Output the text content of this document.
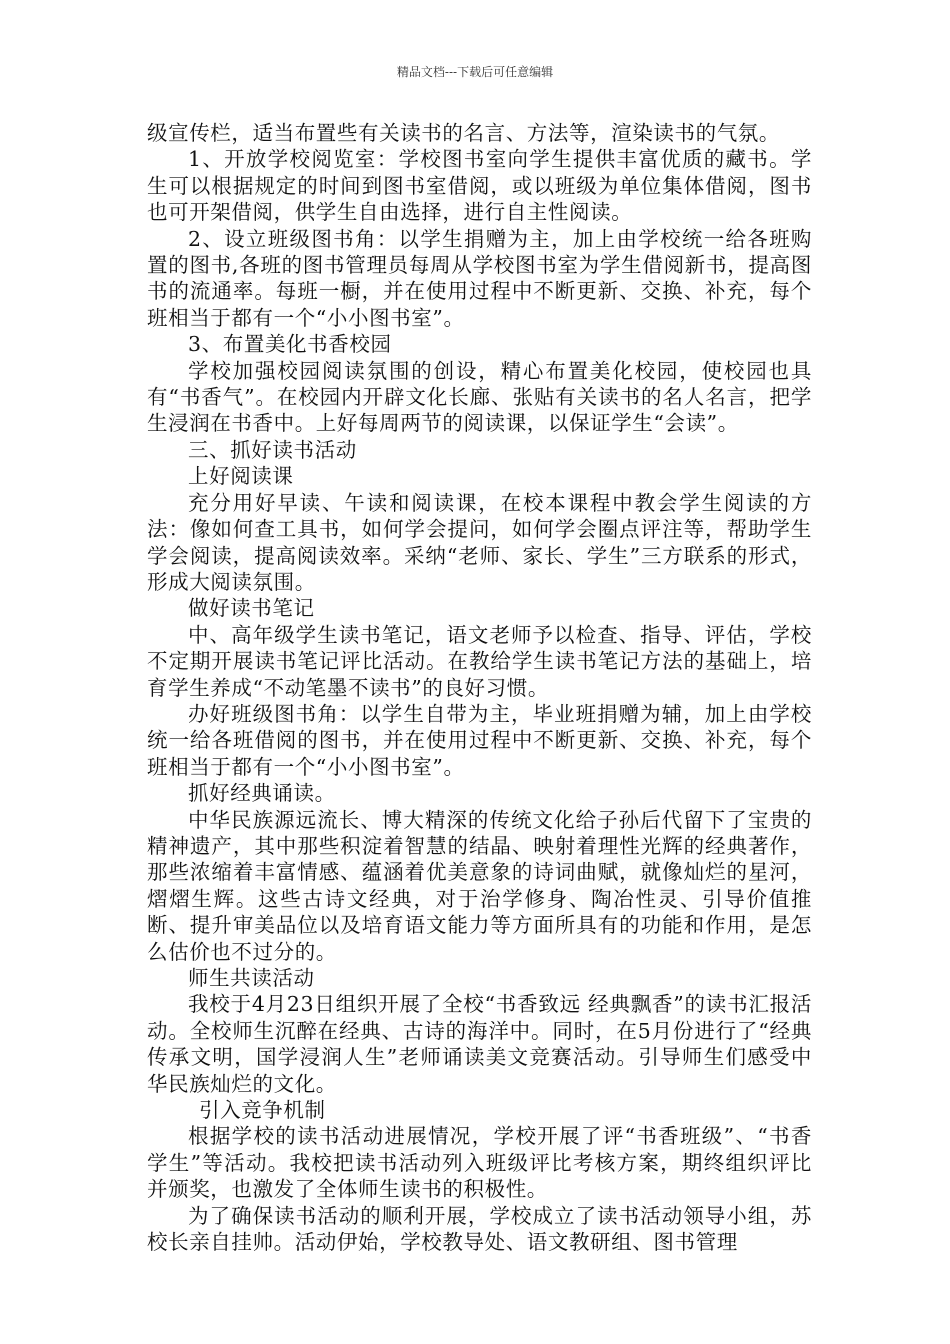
精品文档---下载后可任意编辑

级宣传栏，适当布置些有关读书的名言、方法等，渲染读书的气氛。

1、开放学校阅览室：学校图书室向学生提供丰富优质的藏书。学生可以根据规定的时间到图书室借阅，或以班级为单位集体借阅，图书也可开架借阅，供学生自由选择，进行自主性阅读。

2、设立班级图书角：以学生捐赠为主，加上由学校统一给各班购置的图书,各班的图书管理员每周从学校图书室为学生借阅新书，提高图书的流通率。每班一橱，并在使用过程中不断更新、交换、补充，每个班相当于都有一个“小小图书室”。

3、布置美化书香校园

学校加强校园阅读氛围的创设，精心布置美化校园，使校园也具有“书香气”。在校园内开辟文化长廊、张贴有关读书的名人名言，把学生浸润在书香中。上好每周两节的阅读课，以保证学生“会读”。

三、抓好读书活动

上好阅读课

充分用好早读、午读和阅读课，在校本课程中教会学生阅读的方法：像如何查工具书，如何学会提问，如何学会圈点评注等，帮助学生学会阅读，提高阅读效率。采纳“老师、家长、学生”三方联系的形式，形成大阅读氛围。

做好读书笔记

中、高年级学生读书笔记，语文老师予以检查、指导、评估，学校不定期开展读书笔记评比活动。在教给学生读书笔记方法的基础上，培育学生养成“不动笔墨不读书”的良好习惯。

办好班级图书角：以学生自带为主，毕业班捐赠为辅，加上由学校统一给各班借阅的图书，并在使用过程中不断更新、交换、补充，每个班相当于都有一个“小小图书室”。

抓好经典诵读。

中华民族源远流长、博大精深的传统文化给子孙后代留下了宝贵的精神遗产，其中那些积淀着智慧的结晶、映射着理性光辉的经典著作，那些浓缩着丰富情感、蕴涵着优美意象的诗词曲赋，就像灿烂的星河，熠熠生辉。这些古诗文经典，对于治学修身、陶冶性灵、引导价值推断、提升审美品位以及培育语文能力等方面所具有的功能和作用，是怎么估价也不过分的。

师生共读活动

我校于4月23日组织开展了全校“书香致远 经典飘香”的读书汇报活动。全校师生沉醉在经典、古诗的海洋中。同时，在5月份进行了“经典传承文明，国学浸润人生”老师诵读美文竞赛活动。引导师生们感受中华民族灿烂的文化。

引入竞争机制

根据学校的读书活动进展情况，学校开展了评“书香班级”、“书香学生”等活动。我校把读书活动列入班级评比考核方案，期终组织评比并颁奖，也激发了全体师生读书的积极性。

为了确保读书活动的顺利开展，学校成立了读书活动领导小组，苏校长亲自挂帅。活动伊始，学校教导处、语文教研组、图书管理
